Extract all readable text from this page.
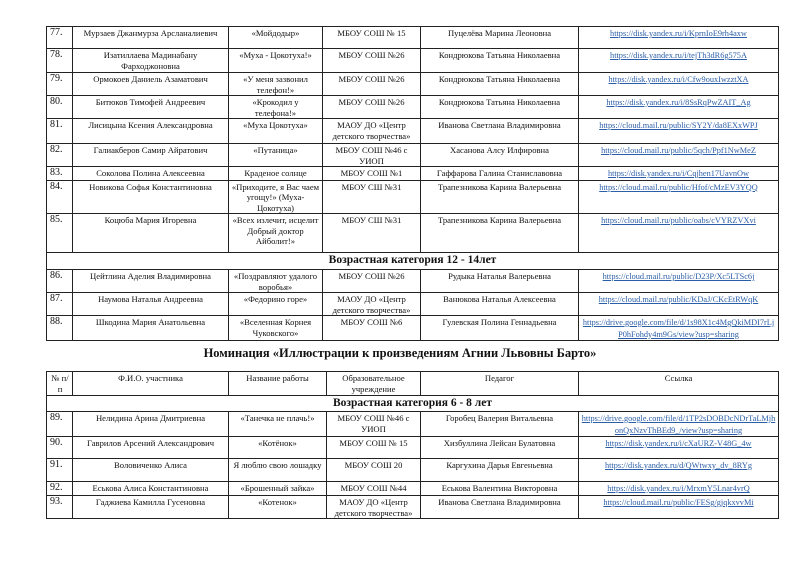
77.	Мурзаев Джанмурза Арсланалиевич	«Мойдодыр»	МБОУ СОШ № 15	Пуцелёва Марина Леоновна	https://disk.yandex.ru/i/KprnIoE9rh4axw
78.	Изатиллаева Мадинабану Фарходжоновна	«Муха - Цокотуха!»	МБОУ СОШ №26	Кондрюкова Татьяна Николаевна	https://disk.yandex.ru/i/tejTh3dR6g575A
79.	Ормокоев Даниель Азаматович	«У меня зазвонил телефон!»	МБОУ СОШ №26	Кондрюкова Татьяна Николаевна	https://disk.yandex.ru/i/Cfw9ouxIwzztXA
80.	Битюков Тимофей Андреевич	«Крокодил у телефона!»	МБОУ СОШ №26	Кондрюкова Татьяна Николаевна	https://disk.yandex.ru/i/8SsRqPwZAIT_Ag
81.	Лисицына Ксения Александровна	«Муха Цокотуха»	МАОУ ДО «Центр детского творчества»	Иванова Светлана Владимировна	https://cloud.mail.ru/public/SY2Y/da8EXxWPJ
82.	Галиакберов Самир Айратович	«Путаница»	МБОУ СОШ №46 с УИОП	Хасанова Алсу Илфировна	https://cloud.mail.ru/public/5qch/Ppf1NwMeZ
83.	Соколова Полина Алексеевна	Краденое солнце	МБОУ СОШ №1	Гаффарова Галина Станиславовна	https://disk.yandex.ru/i/Cqjhen17UavnOw
84.	Новикова Софья Константиновна	«Приходите, я Вас чаем угощу!» (Муха-Цокотуха)	МБОУ СШ №31	Трапезникова Карина Валерьевна	https://cloud.mail.ru/public/Hfof/cMzEV3YQQ
85.	Коцюба Мария Игоревна	«Всех излечит, исцелит Добрый доктор Айболит!»	МБОУ СШ №31	Трапезникова Карина Валерьевна	https://cloud.mail.ru/public/oabs/cVYRZVXvi
Возрастная категория 12 - 14лет					
86.	Цейтлина Аделия Владимировна	«Поздравляют удалого воробья»	МБОУ СОШ №26	Рудыка Наталья Валерьевна	https://cloud.mail.ru/public/D23P/Xc5LTSc6j
87.	Наумова Наталья Андреевна	«Федорино горе»	МАОУ ДО «Центр детского творчества»	Ванюкова Наталья Алексеевна	https://cloud.mail.ru/public/KDaJ/CKcEtRWqK
88.	Шкодина Мария Анатольевна	«Вселенная Корнея Чуковского»	МБОУ СОШ №6	Гулевская Полина Геннадьевна	https://drive.google.com/file/d/1s98X1c4MgQkiMDI7rLjP0hFohdy4m9Gs/view?usp=sharing
Номинация «Иллюстрации к произведениям Агнии Львовны Барто»
№ п/п	Ф.И.О. участника	Название работы	Образовательное учреждение	Педагог	Ссылка
Возрастная категория 6 - 8 лет					
89.	Нелидина Арина Дмитриевна	«Танечка не плачь!»	МБОУ СОШ №46 с УИОП	Горобец Валерия Витальевна	https://drive.google.com/file/d/1TP2sDOBDcNDrTaLMjhonQxNzvThBEd9_/view?usp=sharing
90.	Гаврилов Арсений Александрович	«Котёнок»	МБОУ СОШ № 15	Хизбуллина Лейсан Булатовна	https://disk.yandex.ru/i/cXaURZ-V48G_4w
91.	Воловиченко Алиса	Я люблю свою лошадку	МБОУ СОШ 20	Каргухина Дарья Евгеньевна	https://disk.yandex.ru/d/QWtwxy_dv_8RYg
92.	Еськова Алиса Константиновна	«Брошенный зайка»	МБОУ СОШ №44	Еськова Валентина Викторовна	https://disk.yandex.ru/i/MrxmY5Lnar4vrQ
93.	Гаджиева Камилла Гусеновна	«Котенок»	МАОУ ДО «Центр детского творчества»	Иванова Светлана Владимировна	https://cloud.mail.ru/public/FESg/gjqkxvvMi
